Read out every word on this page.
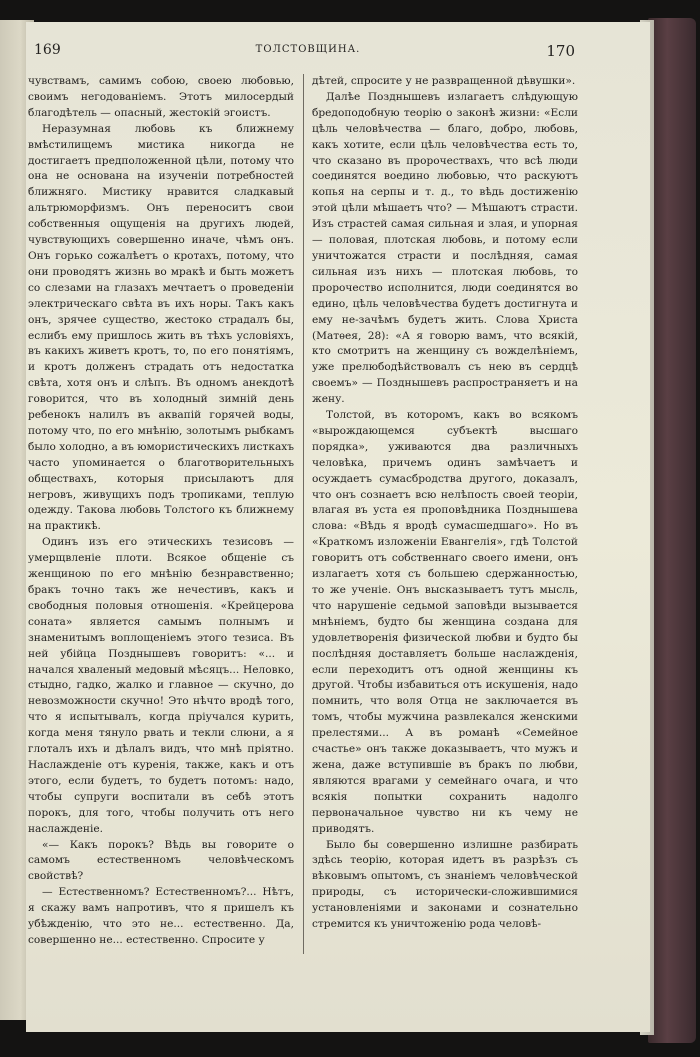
169	ТОЛСТОВЩИНА.	170

чувствамъ, самимъ собою, своею любовью, своимъ негодованіемъ. Этотъ милосердый благодѣтель — опасный, жестокій эгоистъ.

Неразумная любовь къ ближнему вмѣстилищемъ мистика никогда не достигаетъ предположенной цѣли, потому что она не основана на изученіи потребностей ближняго. Мистику нравится сладкавый альтрюморфизмъ. Онъ переноситъ свои собственныя ощущенія на другихъ людей, чувствующихъ совершенно иначе, чѣмъ онъ. Онъ горько сожалѣетъ о кротахъ, потому, что они проводятъ жизнь во мракѣ и быть можетъ со слезами на глазахъ мечтаетъ о проведеніи электрическаго свѣта въ ихъ норы. Такъ какъ онъ, зрячее существо, жестоко страдалъ бы, еслибъ ему пришлось жить въ тѣхъ условіяхъ, въ какихъ живетъ кротъ, то, по его понятіямъ, и кротъ долженъ страдать отъ недостатка свѣта, хотя онъ и слѣпъ. Въ одномъ анекдотѣ говорится, что въ холодный зимній день ребенокъ налилъ въ аквапій горячей воды, потому что, по его мнѣнію, золотымъ рыбкамъ было холодно, а въ юмористическихъ листкахъ часто упоминается о благотворительныхъ обществахъ, которыя присылаютъ для негровъ, живущихъ подъ тропиками, теплую одежду. Такова любовь Толстого къ ближнему на практикѣ.

Одинъ изъ его этическихъ тезисовъ — умерщвленіе плоти. Всякое общеніе съ женщиною по его мнѣнію безнравственно; бракъ точно такъ же нечестивъ, какъ и свободныя половыя отношенія. «Крейцерова соната» является самымъ полнымъ и знаменитымъ воплощеніемъ этого тезиса. Въ ней убійца Позднышевъ говоритъ: «... и начался хваленый медовый мѣсяцъ... Неловко, стыдно, гадко, жалко и главное — скучно, до невозможности скучно! Это нѣчто вродѣ того, что я испытывалъ, когда пріучался курить, когда меня тянуло рвать и текли слюни, а я глоталъ ихъ и дѣлалъ видъ, что мнѣ пріятно. Наслажденіе отъ куренія, также, какъ и отъ этого, если будетъ, то будетъ потомъ: надо, чтобы супруги воспитали въ себѣ этотъ порокъ, для того, чтобы получить отъ него наслажденіе.

«— Какъ порокъ? Вѣдь вы говорите о самомъ естественномъ человѣческомъ свойствѣ?

— Естественномъ? Естественномъ?... Нѣтъ, я скажу вамъ напротивъ, что я пришелъ къ убѣжденію, что это не... естественно. Да, совершенно не... естественно. Спросите у

дѣтей, спросите у не развращенной дѣвушки».

Далѣе Позднышевъ излагаетъ слѣдующую бредоподобную теорію о законѣ жизни: «Если цѣль человѣчества — благо, добро, любовь, какъ хотите, если цѣль человѣчества есть то, что сказано въ пророчествахъ, что всѣ люди соединятся воедино любовью, что раскуютъ копья на серпы и т. д., то вѣдь достиженію этой цѣли мѣшаетъ что? — Мѣшаютъ страсти. Изъ страстей самая сильная и злая, и упорная — половая, плотская любовь, и потому если уничтожатся страсти и послѣдняя, самая сильная изъ нихъ — плотская любовь, то пророчество исполнится, люди соединятся во едино, цѣль человѣчества будетъ достигнута и ему не-зачѣмъ будетъ жить. Слова Христа (Матѳея, 28): «А я говорю вамъ, что всякій, кто смотритъ на женщину съ вожделѣніемъ, уже прелюбодѣйствовалъ съ нею въ сердцѣ своемъ» — Позднышевъ распространяетъ и на жену.

Толстой, въ которомъ, какъ во всякомъ «вырождающемся субъектѣ высшаго порядка», уживаются два различныхъ человѣка, причемъ одинъ замѣчаетъ и осуждаетъ сумасбродства другого, доказалъ, что онъ сознаетъ всю нелѣпость своей теоріи, влагая въ уста ея проповѣдника Позднышева слова: «Вѣдь я вродѣ сумасшедшаго». Но въ «Краткомъ изложеніи Евангелія», гдѣ Толстой говоритъ отъ собственнаго своего имени, онъ излагаетъ хотя съ большею сдержанностью, то же ученіе. Онъ высказываетъ тутъ мысль, что нарушеніе седьмой заповѣди вызывается мнѣніемъ, будто бы женщина создана для удовлетворенія физической любви и будто бы послѣдняя доставляетъ больше наслажденія, если переходитъ отъ одной женщины къ другой. Чтобы избавиться отъ искушенія, надо помнить, что воля Отца не заключается въ томъ, чтобы мужчина развлекался женскими прелестями... А въ романѣ «Семейное счастье» онъ также доказываетъ, что мужъ и жена, даже вступившіе въ бракъ по любви, являются врагами у семейнаго очага, и что всякія попытки сохранить надолго первоначальное чувство ни къ чему не приводятъ.

Было бы совершенно излишне разбирать здѣсь теорію, которая идетъ въ разрѣзъ съ вѣковымъ опытомъ, съ знаніемъ человѣческой природы, съ исторически-сложившимися установленіями и законами и сознательно стремится къ уничтоженію рода человѣ-
